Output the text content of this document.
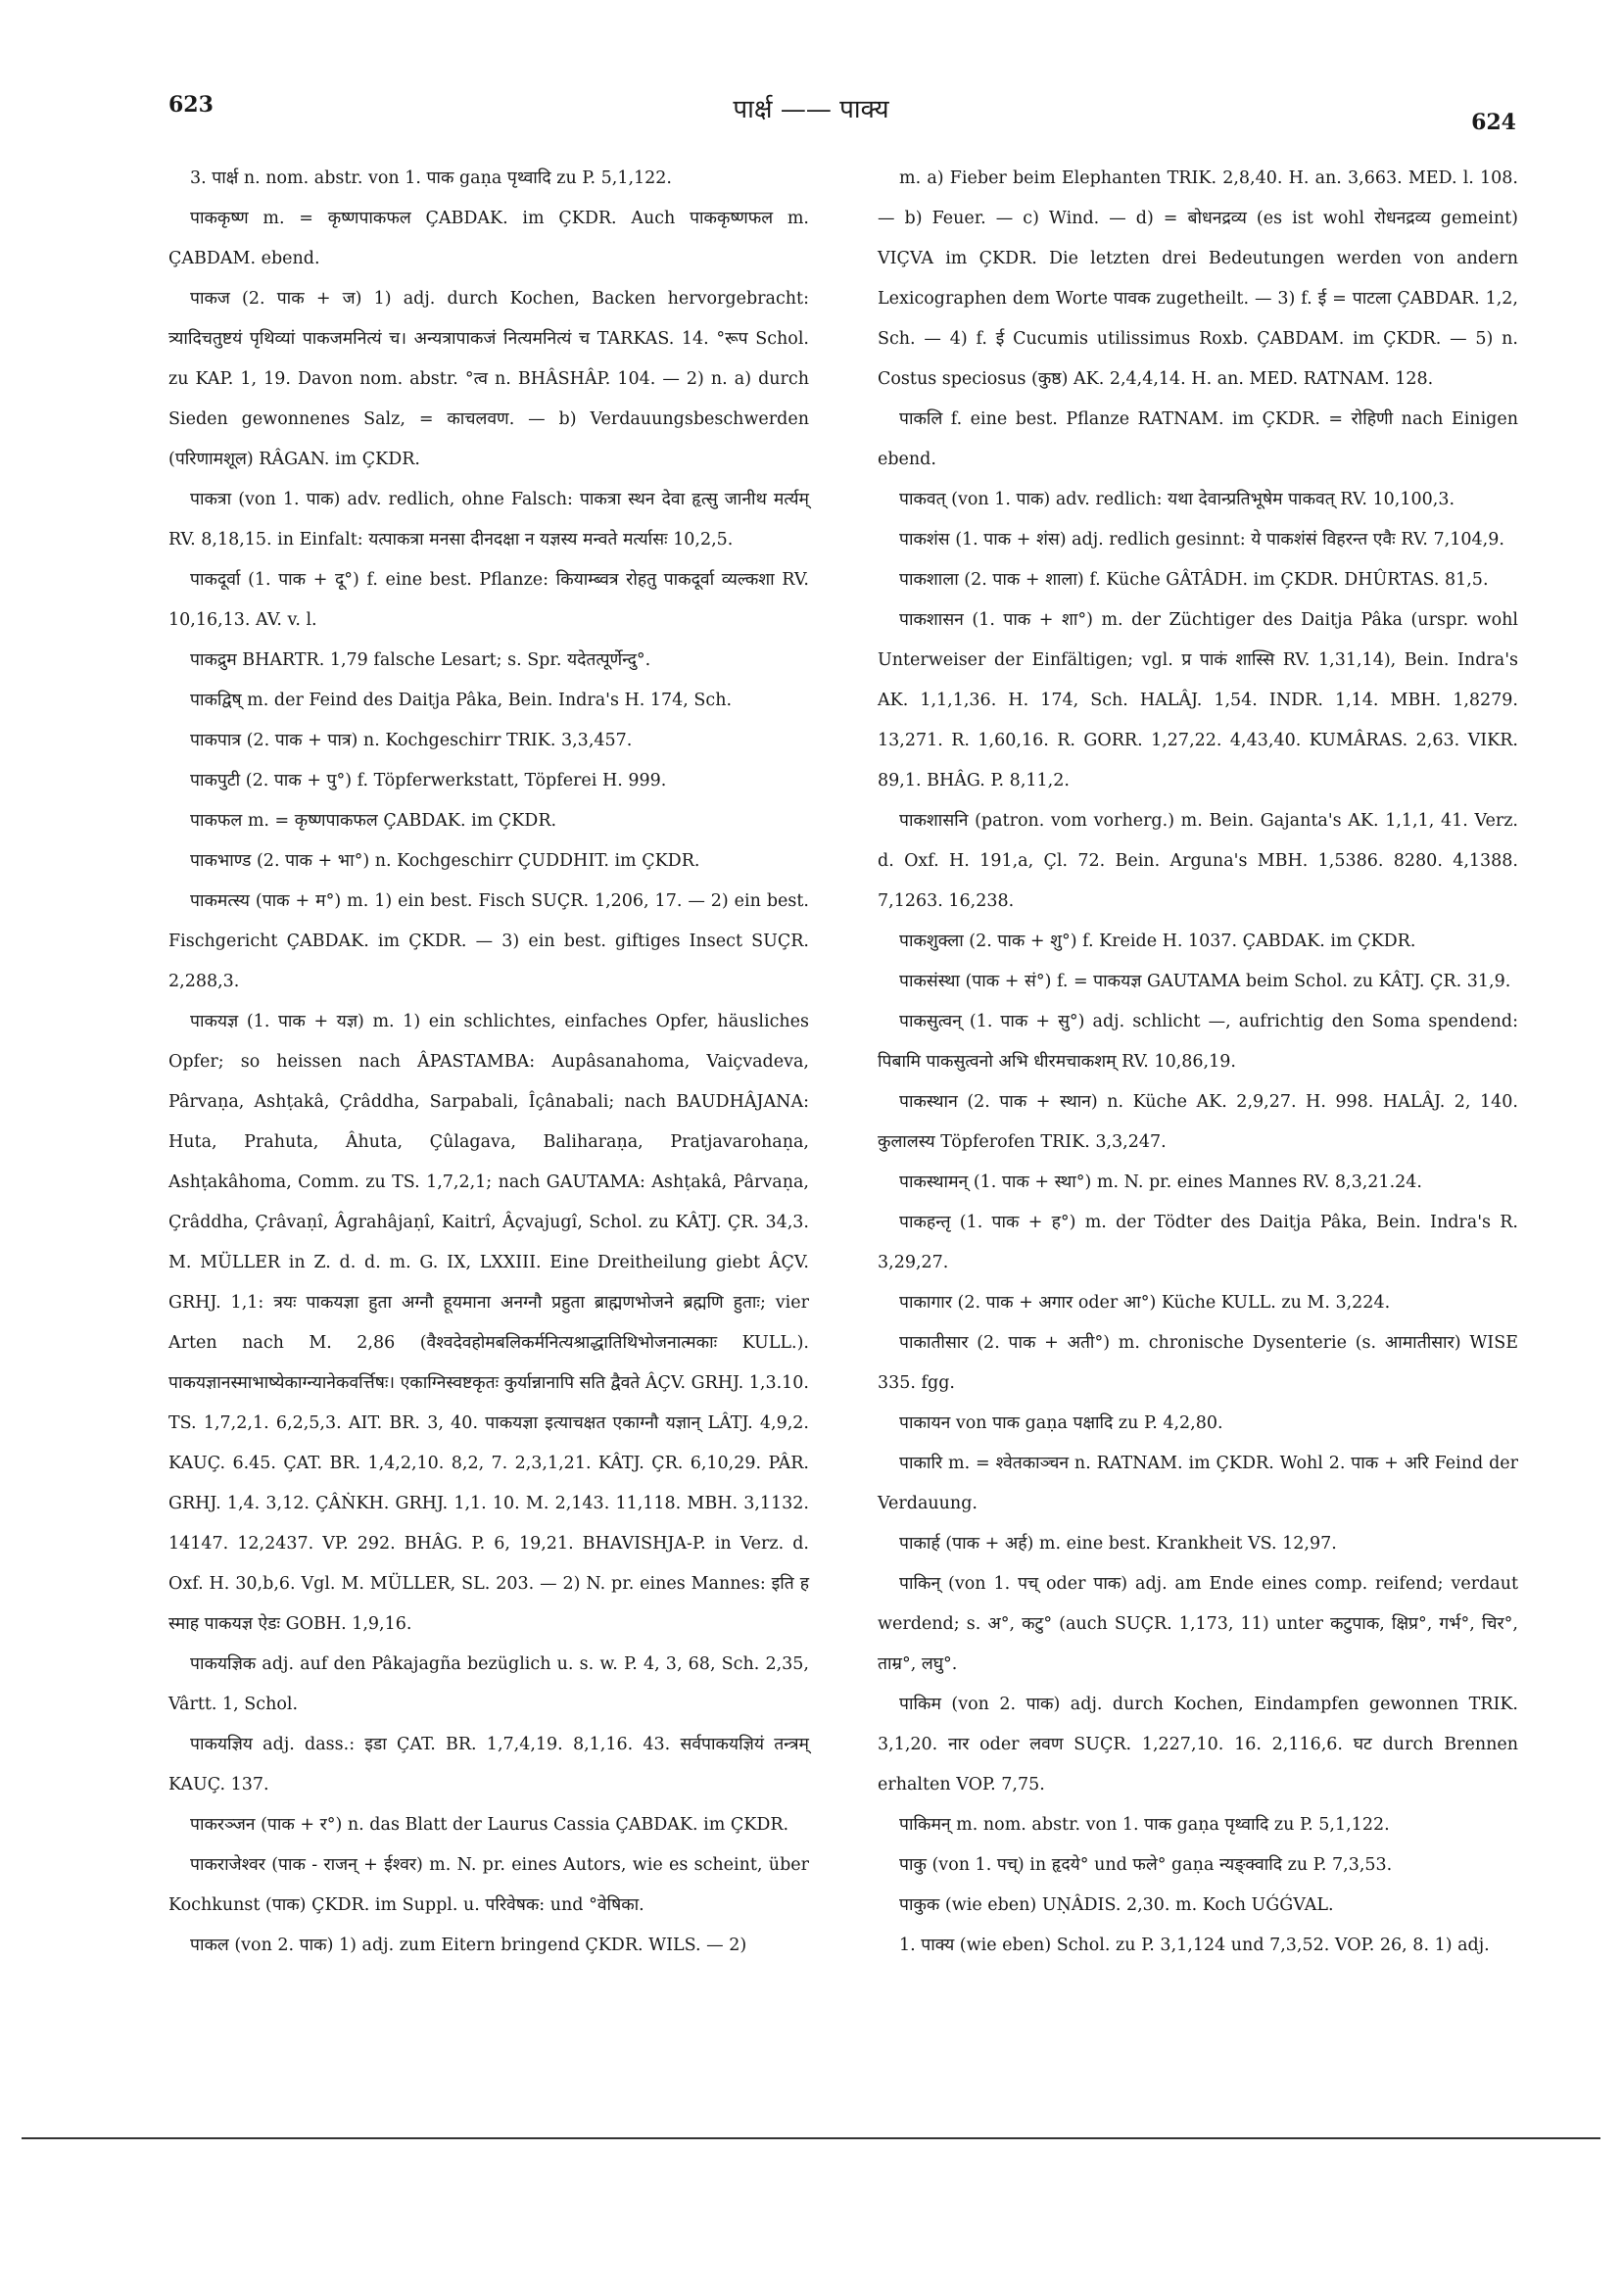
623	पार्क्ष —— पाक्य	624

3. पार्क्ष n. nom. abstr. von 1. पाक gaṇa पृथ्वादि zu P. 5,1,122.

पाककृष्ण m. = कृष्णपाकफल ÇABDAK. im ÇKDR. Auch पाककृष्णफल m. ÇABDAM. ebend.

पाकज (2. पाक + ज) 1) adj. durch Kochen, Backen hervorgebracht: त्र्यादिचतुष्टयं पृथिव्यां पाकजमनित्यं च। अन्यत्रापाकजं नित्यमनित्यं च TARKAS. 14. °रूप Schol. zu KAP. 1, 19. Davon nom. abstr. °त्व n. BHÂSHÂP. 104. — 2) n. a) durch Sieden gewonnenes Salz, = काचलवण. — b) Verdauungsbeschwerden (परिणामशूल) RÂGAN. im ÇKDR.

पाकत्रा (von 1. पाक) adv. redlich, ohne Falsch: पाकत्रा स्थन देवा हृत्सु जानीथ मर्त्यम् RV. 8,18,15. in Einfalt: यत्पाकत्रा मनसा दीनदक्षा न यज्ञस्य मन्वते मर्त्यासः 10,2,5.

पाकदूर्वा (1. पाक + दू°) f. eine best. Pflanze: कियाम्ब्वत्र रोहतु पाकदूर्वा व्यल्कशा RV. 10,16,13. AV. v. l.

पाकद्रुम BHARTR. 1,79 falsche Lesart; s. Spr. यदेतत्पूर्णेन्दु°.

पाकद्विष् m. der Feind des Daitja Pâka, Bein. Indra's H. 174, Sch.

पाकपात्र (2. पाक + पात्र) n. Kochgeschirr TRIK. 3,3,457.

पाकपुटी (2. पाक + पु°) f. Töpferwerkstatt, Töpferei H. 999.

पाकफल m. = कृष्णपाकफल ÇABDAK. im ÇKDR.

पाकभाण्ड (2. पाक + भा°) n. Kochgeschirr ÇUDDHIT. im ÇKDR.

पाकमत्स्य (पाक + म°) m. 1) ein best. Fisch SUÇR. 1,206, 17. — 2) ein best. Fischgericht ÇABDAK. im ÇKDR. — 3) ein best. giftiges Insect SUÇR. 2,288,3.

पाकयज्ञ (1. पाक + यज्ञ) m. 1) ein schlichtes, einfaches Opfer, häusliches Opfer; so heissen nach ÂPASTAMBA: Aupâsanahoma, Vaiçvadeva, Pârvaṇa, Ashṭakâ, Çrâddha, Sarpabali, Îçânabali; nach BAUDHÂJANA: Huta, Prahuta, Âhuta, Çûlagava, Baliharaṇa, Pratjavarohaṇa, Ashṭakâhoma, Comm. zu TS. 1,7,2,1; nach GAUTAMA: Ashṭakâ, Pârvaṇa, Çrâddha, Çrâvaṇî, Âgrahâjaṇî, Kaitrî, Âçvajugî, Schol. zu KÂTJ. ÇR. 34,3. M. MÜLLER in Z. d. d. m. G. IX, LXXIII. Eine Dreitheilung giebt ÂÇV. GRHJ. 1,1: त्रयः पाकयज्ञा हुता अग्नौ हूयमाना अनग्नौ प्रहुता ब्राह्मणभोजने ब्रह्मणि हुताः; vier Arten nach M. 2,86 (वैश्वदेवहोमबलिकर्मनित्यश्राद्धातिथिभोजनात्मकाः KULL.). पाकयज्ञानस्माभाष्येकाग्न्यानेकवर्त्तिषः। एकाग्निस्वष्टकृतः कुर्यान्नानापि सति द्वैवते ÂÇV. GRHJ. 1,3.10. TS. 1,7,2,1. 6,2,5,3. AIT. BR. 3, 40. पाकयज्ञा इत्याचक्षत एकाग्नौ यज्ञान् LÂTJ. 4,9,2. KAUÇ. 6.45. ÇAT. BR. 1,4,2,10. 8,2, 7. 2,3,1,21. KÂTJ. ÇR. 6,10,29. PÂR. GRHJ. 1,4. 3,12. ÇÂṄKH. GRHJ. 1,1. 10. M. 2,143. 11,118. MBH. 3,1132. 14147. 12,2437. VP. 292. BHÂG. P. 6, 19,21. BHAVISHJA-P. in Verz. d. Oxf. H. 30,b,6. Vgl. M. MÜLLER, SL. 203. — 2) N. pr. eines Mannes: इति ह स्माह पाकयज्ञ ऐडः GOBH. 1,9,16.

पाकयज्ञिक adj. auf den Pâkajagña bezüglich u. s. w. P. 4, 3, 68, Sch. 2,35, Vârtt. 1, Schol.

पाकयज्ञिय adj. dass.: इडा ÇAT. BR. 1,7,4,19. 8,1,16. 43. सर्वपाकयज्ञियं तन्त्रम् KAUÇ. 137.

पाकरञ्जन (पाक + र°) n. das Blatt der Laurus Cassia ÇABDAK. im ÇKDR.

पाकराजेश्वर (पाक - राजन् + ईश्वर) m. N. pr. eines Autors, wie es scheint, über Kochkunst (पाक) ÇKDR. im Suppl. u. परिवेषक: und °वेषिका.

पाकल (von 2. पाक) 1) adj. zum Eitern bringend ÇKDR. WILS. — 2)

m. a) Fieber beim Elephanten TRIK. 2,8,40. H. an. 3,663. MED. l. 108. — b) Feuer. — c) Wind. — d) = बोधनद्रव्य (es ist wohl रोधनद्रव्य gemeint) VIÇVA im ÇKDR. Die letzten drei Bedeutungen werden von andern Lexicographen dem Worte पावक zugetheilt. — 3) f. ई = पाटला ÇABDAR. 1,2, Sch. — 4) f. ई Cucumis utilissimus Roxb. ÇABDAM. im ÇKDR. — 5) n. Costus speciosus (कुष्ठ) AK. 2,4,4,14. H. an. MED. RATNAM. 128.

पाकलि f. eine best. Pflanze RATNAM. im ÇKDR. = रोहिणी nach Einigen ebend.

पाकवत् (von 1. पाक) adv. redlich: यथा देवान्प्रतिभूषेम पाकवत् RV. 10,100,3.

पाकशंस (1. पाक + शंस) adj. redlich gesinnt: ये पाकशंसं विहरन्त एवैः RV. 7,104,9.

पाकशाला (2. पाक + शाला) f. Küche GÂTÂDH. im ÇKDR. DHÛRTAS. 81,5.

पाकशासन (1. पाक + शा°) m. der Züchtiger des Daitja Pâka (urspr. wohl Unterweiser der Einfältigen; vgl. प्र पाकं शास्सि RV. 1,31,14), Bein. Indra's AK. 1,1,1,36. H. 174, Sch. HALÂJ. 1,54. INDR. 1,14. MBH. 1,8279. 13,271. R. 1,60,16. R. GORR. 1,27,22. 4,43,40. KUMÂRAS. 2,63. VIKR. 89,1. BHÂG. P. 8,11,2.

पाकशासनि (patron. vom vorherg.) m. Bein. Gajanta's AK. 1,1,1, 41. Verz. d. Oxf. H. 191,a, Çl. 72. Bein. Arguna's MBH. 1,5386. 8280. 4,1388. 7,1263. 16,238.

पाकशुक्ला (2. पाक + शु°) f. Kreide H. 1037. ÇABDAK. im ÇKDR.

पाकसंस्था (पाक + सं°) f. = पाकयज्ञ GAUTAMA beim Schol. zu KÂTJ. ÇR. 31,9.

पाकसुत्वन् (1. पाक + सु°) adj. schlicht —, aufrichtig den Soma spendend: पिबामि पाकसुत्वनो अभि धीरमचाकशम् RV. 10,86,19.

पाकस्थान (2. पाक + स्थान) n. Küche AK. 2,9,27. H. 998. HALÂJ. 2, 140. कुलालस्य Töpferofen TRIK. 3,3,247.

पाकस्थामन् (1. पाक + स्था°) m. N. pr. eines Mannes RV. 8,3,21.24.

पाकहन्तृ (1. पाक + ह°) m. der Tödter des Daitja Pâka, Bein. Indra's R. 3,29,27.

पाकागार (2. पाक + अगार oder आ°) Küche KULL. zu M. 3,224.

पाकातीसार (2. पाक + अती°) m. chronische Dysenterie (s. आमातीसार) WISE 335. fgg.

पाकायन von पाक gaṇa पक्षादि zu P. 4,2,80.

पाकारि m. = श्वेतकाञ्चन n. RATNAM. im ÇKDR. Wohl 2. पाक + अरि Feind der Verdauung.

पाकार्ह (पाक + अर्ह) m. eine best. Krankheit VS. 12,97.

पाकिन् (von 1. पच् oder पाक) adj. am Ende eines comp. reifend; verdaut werdend; s. अ°, कटु° (auch SUÇR. 1,173, 11) unter कटुपाक, क्षिप्र°, गर्भ°, चिर°, ताम्र°, लघु°.

पाकिम (von 2. पाक) adj. durch Kochen, Eindampfen gewonnen TRIK. 3,1,20. नार oder लवण SUÇR. 1,227,10. 16. 2,116,6. घट durch Brennen erhalten VOP. 7,75.

पाकिमन् m. nom. abstr. von 1. पाक gaṇa पृथ्वादि zu P. 5,1,122.

पाकु (von 1. पच्) in हृदये° und फले° gaṇa न्यङ्क्वादि zu P. 7,3,53.

पाकुक (wie eben) UṆÂDIS. 2,30. m. Koch UǴǴVAL.

1. पाक्य (wie eben) Schol. zu P. 3,1,124 und 7,3,52. VOP. 26, 8. 1) adj.
